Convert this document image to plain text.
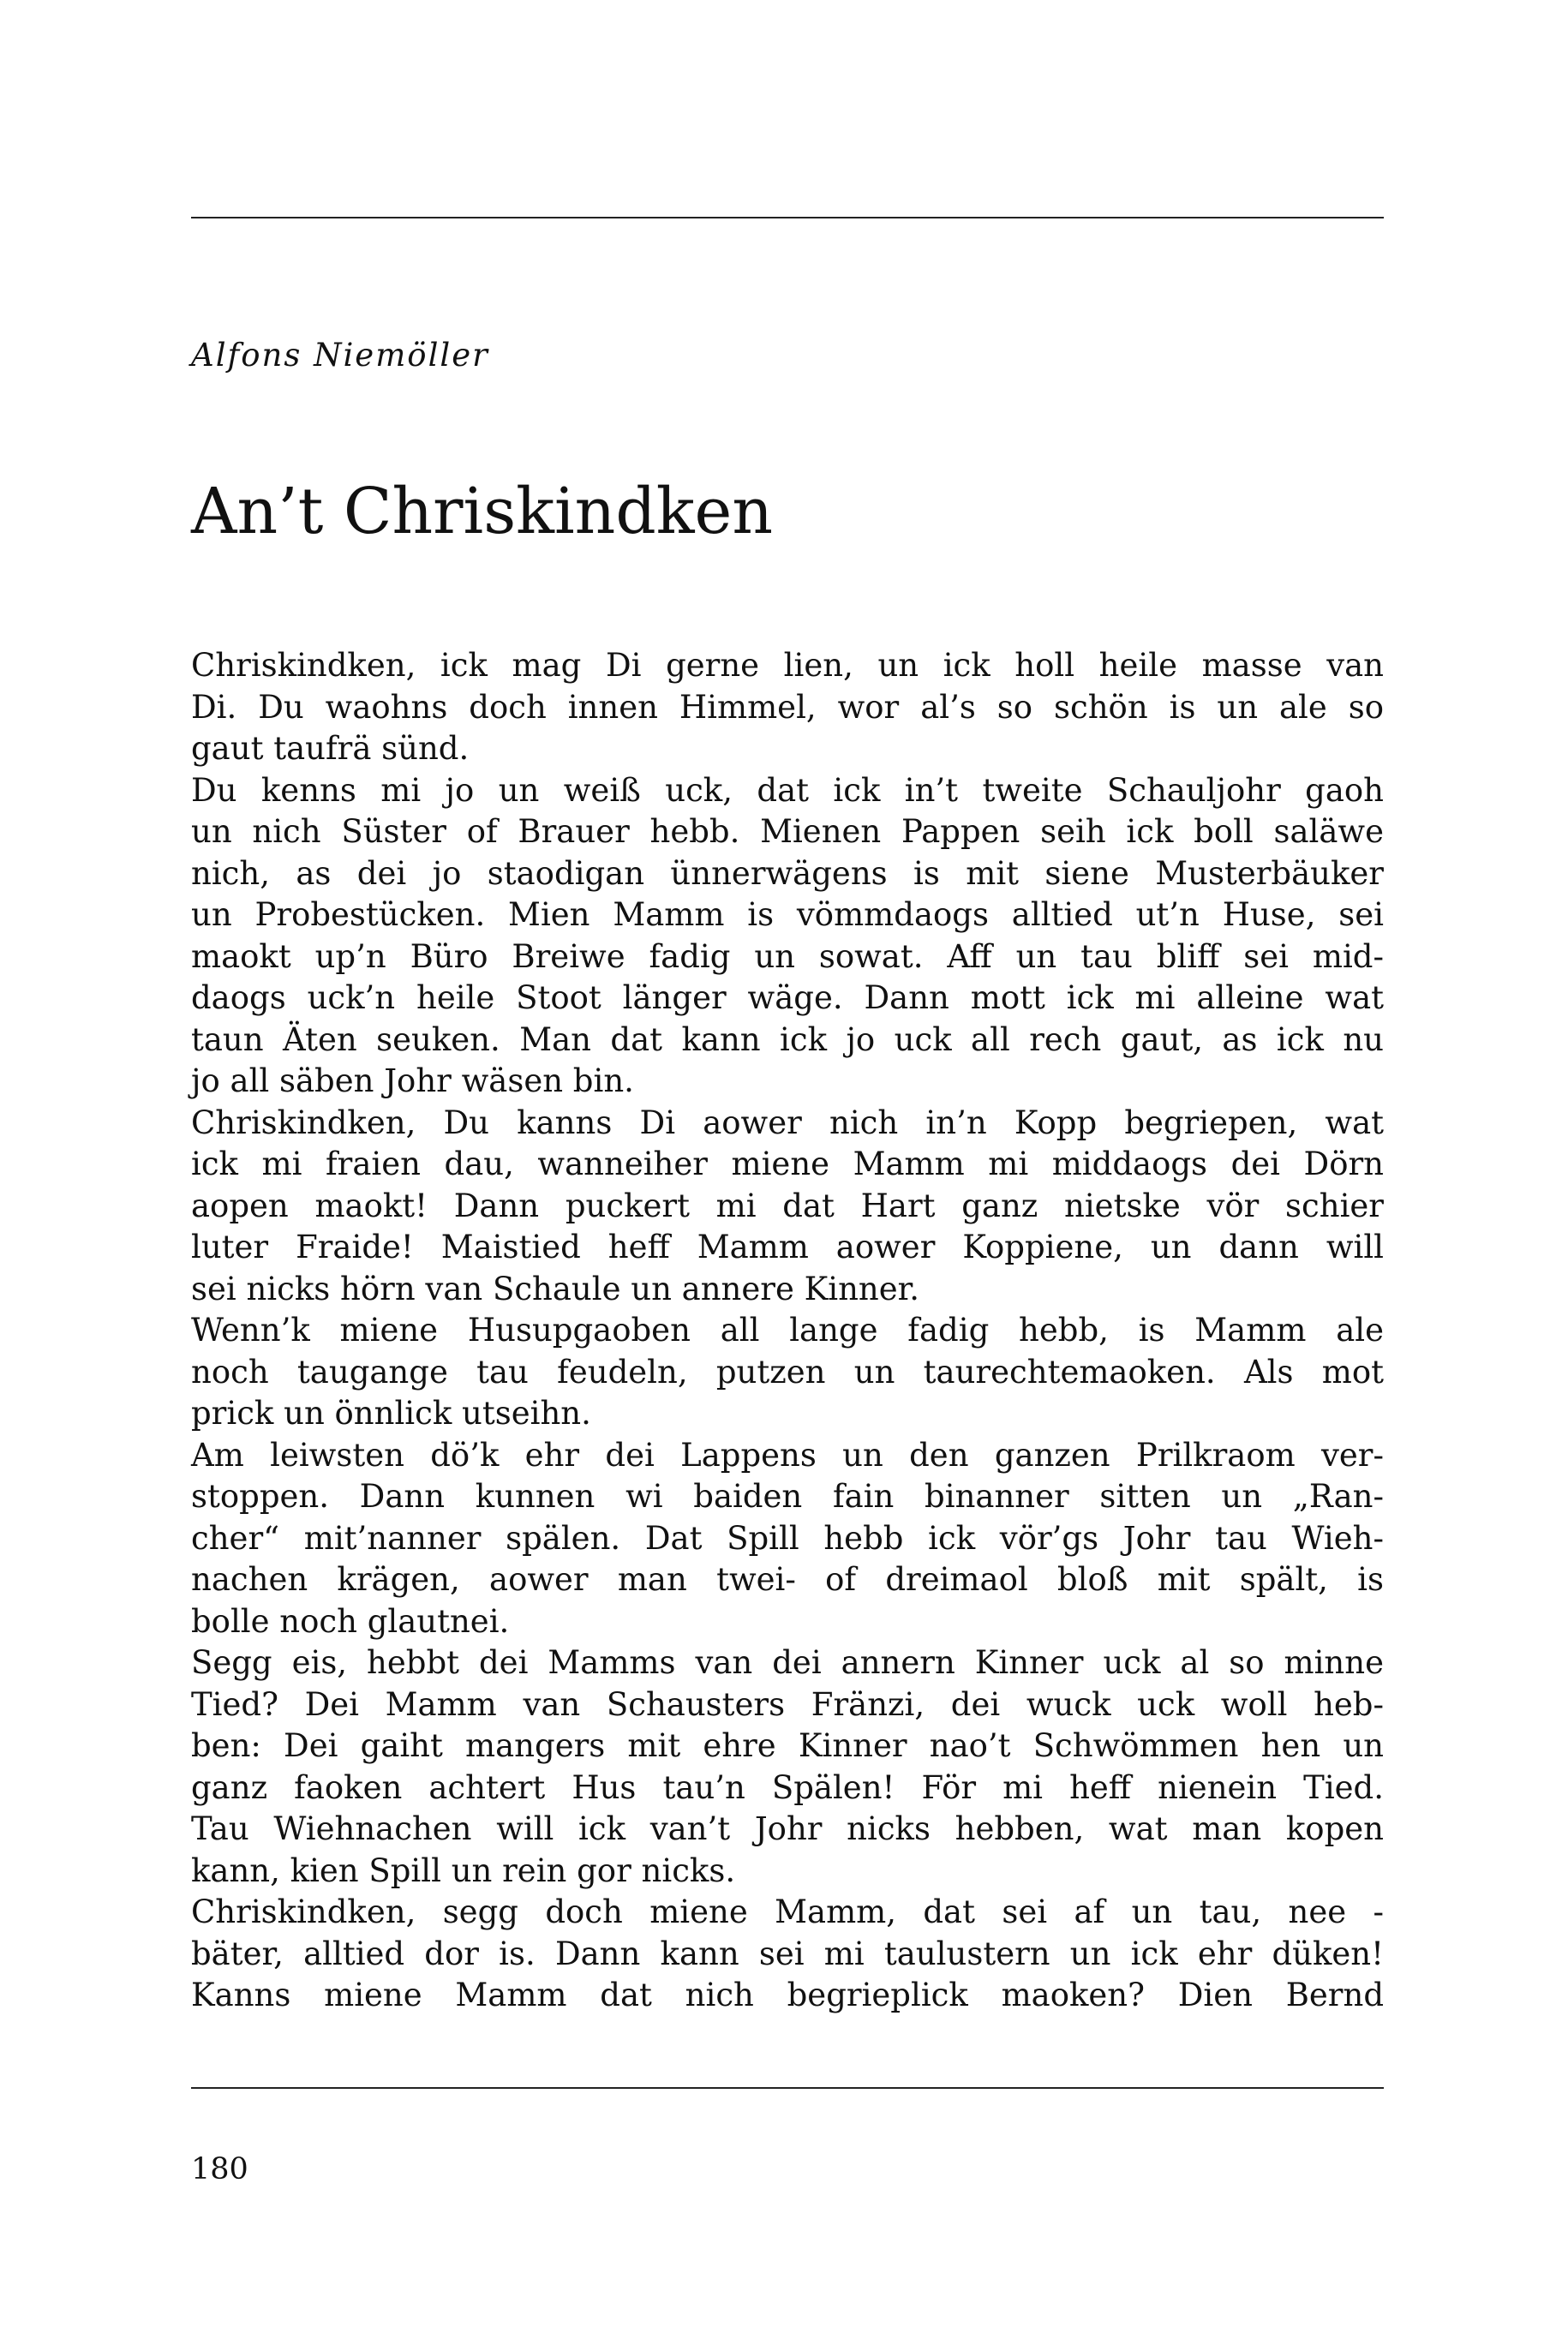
Alfons Niemöller
An’t Chriskindken
Chriskindken, ick mag Di gerne lien, un ick holl heile masse van
Di. Du waohns doch innen Himmel, wor al’s so schön is un ale so
gaut taufrä sünd.
Du kenns mi jo un weiß uck, dat ick in’t tweite Schauljohr gaoh
un nich Süster of Brauer hebb. Mienen Pappen seih ick boll saläwe
nich, as dei jo staodigan ünnerwägens is mit siene Musterbäuker
un Probestücken. Mien Mamm is vömmdaogs alltied ut’n Huse, sei
maokt up’n Büro Breiwe fadig un sowat. Aff un tau bliff sei mid-
daogs uck’n heile Stoot länger wäge. Dann mott ick mi alleine wat
taun Äten seuken. Man dat kann ick jo uck all rech gaut, as ick nu
jo all säben Johr wäsen bin.
Chriskindken, Du kanns Di aower nich in’n Kopp begriepen, wat
ick mi fraien dau, wanneiher miene Mamm mi middaogs dei Dörn
aopen maokt! Dann puckert mi dat Hart ganz nietske vör schier
luter Fraide! Maistied heff Mamm aower Koppiene, un dann will
sei nicks hörn van Schaule un annere Kinner.
Wenn’k miene Husupgaoben all lange fadig hebb, is Mamm ale
noch taugange tau feudeln, putzen un taurechtemaoken. Als mot
prick un önnlick utseihn.
Am leiwsten dö’k ehr dei Lappens un den ganzen Prilkraom ver-
stoppen. Dann kunnen wi baiden fain binanner sitten un „Ran-
cher“ mit’nanner spälen. Dat Spill hebb ick vör’gs Johr tau Wieh-
nachen krägen, aower man twei- of dreimaol bloß mit spält, is
bolle noch glautnei.
Segg eis, hebbt dei Mamms van dei annern Kinner uck al so minne
Tied? Dei Mamm van Schausters Fränzi, dei wuck uck woll heb-
ben: Dei gaiht mangers mit ehre Kinner nao’t Schwömmen hen un
ganz faoken achtert Hus tau’n Spälen! För mi heff nienein Tied.
Tau Wiehnachen will ick van’t Johr nicks hebben, wat man kopen
kann, kien Spill un rein gor nicks.
Chriskindken, segg doch miene Mamm, dat sei af un tau, nee -
bäter, alltied dor is. Dann kann sei mi taulustern un ick ehr düken!
Kanns miene Mamm dat nich begrieplick maoken? Dien Bernd
180
